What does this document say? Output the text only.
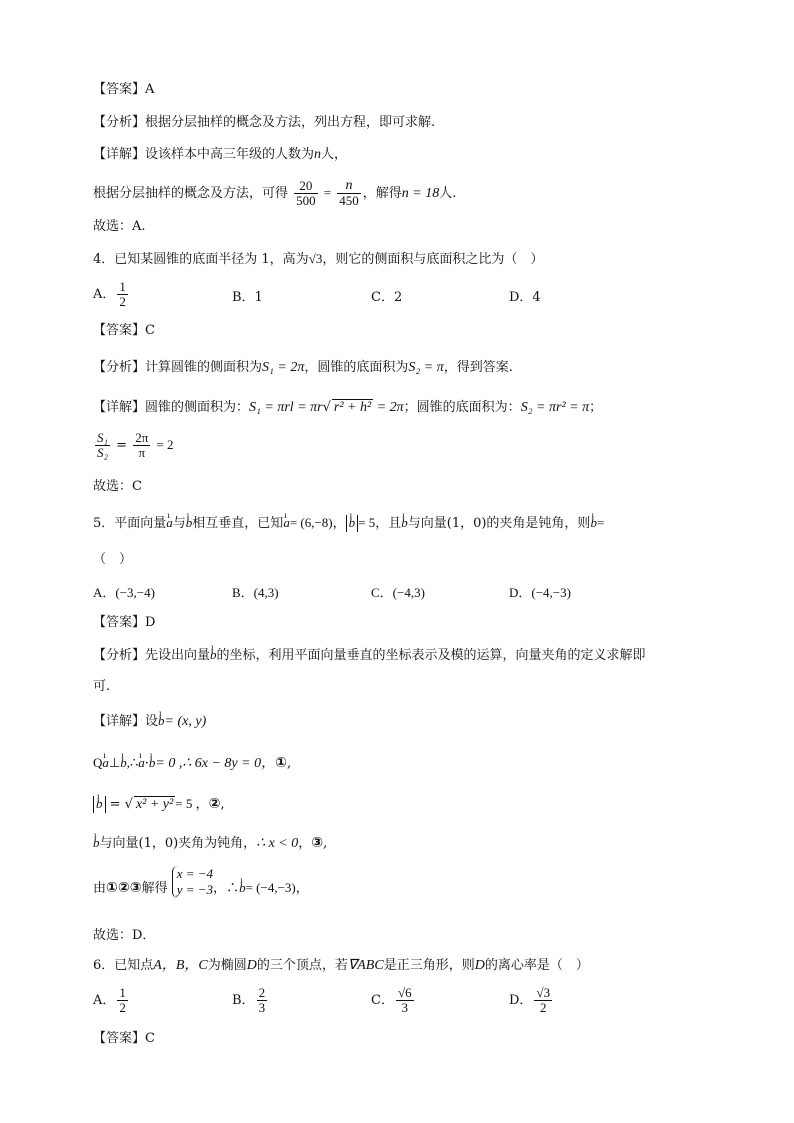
【答案】A
【分析】根据分层抽样的概念及方法，列出方程，即可求解.
【详解】设该样本中高三年级的人数为n人，
根据分层抽样的概念及方法，可得 $\frac{20}{500} = \frac{n}{450}$ ，解得n = 18人.
故选：A.
4．已知某圆锥的底面半径为 1，高为√3，则它的侧面积与底面积之比为（　）
A． $\frac{1}{2}$	B．1	C．2	D．4
【答案】C
【分析】计算圆锥的侧面积为S₁ = 2π，圆锥的底面积为S₂ = π，得到答案.
【详解】圆锥的侧面积为：S₁ = πrl = πr√ r² + h² = 2π；圆锥的底面积为：S₂ = πr² = π；
$\frac{\text{S₁}}{\text{S₂}} = \frac{2\pi}{\pi} = 2$
故选：C
5．平面向量ı a与ı b相互垂直，已知ı a= (6,−8)，ı b = 5，且ı b与向量(1，0)的夹角是钝角，则ı b=
（　）
A．(−3,−4)	B．(4,3)	C．(−4,3)	D．(−4,−3)
【答案】D
【分析】先设出向量ı b的坐标，利用平面向量垂直的坐标表示及模的运算，向量夹角的定义求解即
可.
【详解】设ı b= (x, y)
Qı a⊥ı b,∴ı a·ı b= 0 ,∴ 6x − 8y = 0，①,
ı b = √ x² + y² = 5 ，②,
ı b与向量(1，0)夹角为钝角，∴ x < 0，③,
由①②③解得
x = −4
y = −3 ，∴ı b= (−4,−3)，
故选：D．
6．已知点A，B，C为椭圆D的三个顶点，若∇ABC是正三角形，则D的离心率是（　）
A． $\frac{1}{2}$	B． $\frac{2}{3}$	C． $\frac{√6}{3}$	D． $\frac{√3}{2}$
【答案】C
